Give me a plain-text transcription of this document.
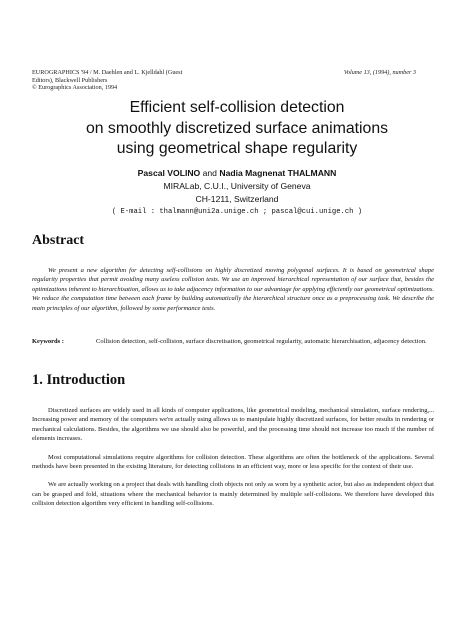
EUROGRAPHICS '94 / M. Daehlen and L. Kjelldahl (Guest
Editors), Blackwell Publishers
© Eurographics Association, 1994
Volume 13, (1994), number 3
Efficient self-collision detection
on smoothly discretized surface animations
using geometrical shape regularity
Pascal VOLINO and Nadia Magnenat THALMANN
MIRALab, C.U.I., University of Geneva
CH-1211, Switzerland
( E-mail : thalmann@uni2a.unige.ch ; pascal@cui.unige.ch )
Abstract
We present a new algorithm for detecting self-collisions on highly discretized moving polygonal surfaces. It is based on geometrical shape regularity properties that permit avoiding many useless collision tests. We use an improved hierarchical representation of our surface that, besides the optimizations inherent to hierarchisation, allows us to take adjacency information to our advantage for applying efficiently our geometrical optimizations. We reduce the computation time between each frame by building automatically the hierarchical structure once as a preprocessing task. We describe the main principles of our algorithm, followed by some performance tests.
Keywords :	Collision detection, self-collision, surface discretisation, geometrical regularity, automatic hierarchisation, adjacency detection.
1. Introduction

Discretized surfaces are widely used in all kinds of computer applications, like geometrical modeling, mechanical simulation, surface rendering,... Increasing power and memory of the computers we're actually using allows us to manipulate highly discretized surfaces, for better results in rendering or mechanical calculations. Besides, the algorithms we use should also be powerful, and the processing time should not increase too much if the number of elements increases.

Most computational simulations require algorithms for collision detection. These algorithms are often the bottleneck of the applications. Several methods have been presented in the existing literature, for detecting collisions in an efficient way, more or less specific for the context of their use.

We are actually working on a project that deals with handling cloth objects not only as worn by a synthetic actor, but also as independent object that can be grasped and fold, situations where the mechanical behavior is mainly determined by multiple self-collisions. We therefore have developed this collision detection algorithm very efficient in handling self-collisions.
